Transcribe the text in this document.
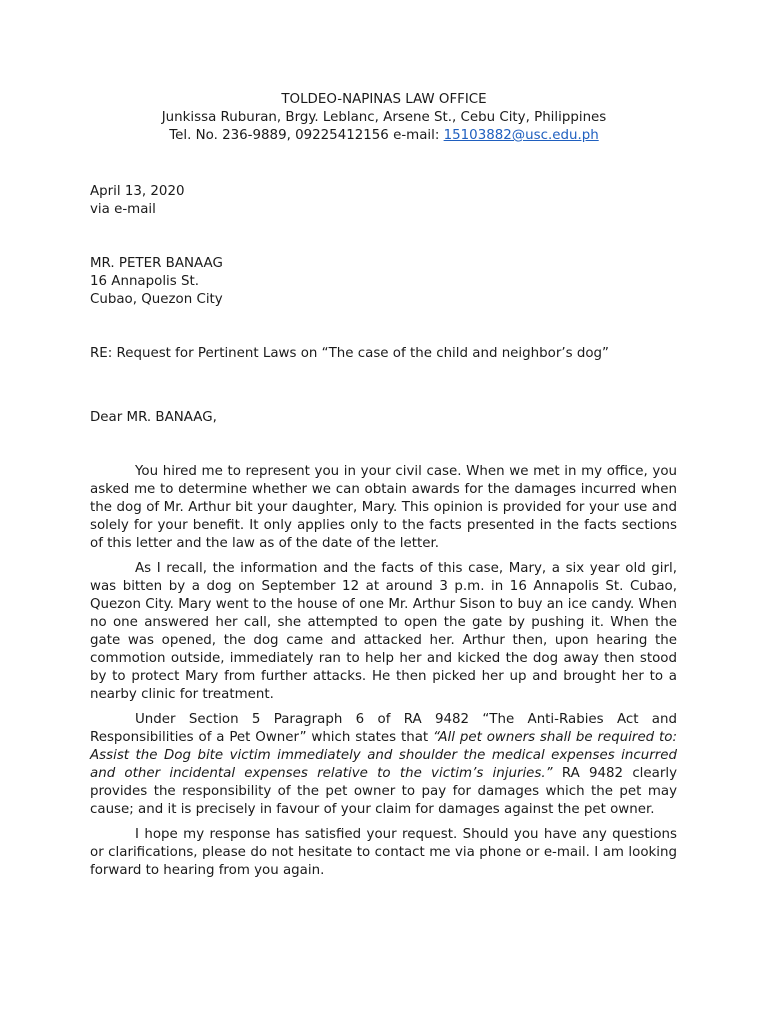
TOLDEO-NAPINAS LAW OFFICE
Junkissa Ruburan, Brgy. Leblanc, Arsene St., Cebu City, Philippines
Tel. No. 236-9889, 09225412156 e-mail: 15103882@usc.edu.ph
April 13, 2020
via e-mail
MR. PETER BANAAG
16 Annapolis St.
Cubao, Quezon City
RE: Request for Pertinent Laws on “The case of the child and neighbor’s dog”
Dear MR. BANAAG,

You hired me to represent you in your civil case. When we met in my office, you asked me to determine whether we can obtain awards for the damages incurred when the dog of Mr. Arthur bit your daughter, Mary. This opinion is provided for your use and solely for your benefit. It only applies only to the facts presented in the facts sections of this letter and the law as of the date of the letter.

As I recall, the information and the facts of this case, Mary, a six year old girl, was bitten by a dog on September 12 at around 3 p.m. in 16 Annapolis St. Cubao, Quezon City. Mary went to the house of one Mr. Arthur Sison to buy an ice candy. When no one answered her call, she attempted to open the gate by pushing it. When the gate was opened, the dog came and attacked her. Arthur then, upon hearing the commotion outside, immediately ran to help her and kicked the dog away then stood by to protect Mary from further attacks. He then picked her up and brought her to a nearby clinic for treatment.

Under Section 5 Paragraph 6 of RA 9482 “The Anti-Rabies Act and Responsibilities of a Pet Owner” which states that “All pet owners shall be required to: Assist the Dog bite victim immediately and shoulder the medical expenses incurred and other incidental expenses relative to the victim’s injuries.” RA 9482 clearly provides the responsibility of the pet owner to pay for damages which the pet may cause; and it is precisely in favour of your claim for damages against the pet owner.

I hope my response has satisfied your request. Should you have any questions or clarifications, please do not hesitate to contact me via phone or e-mail. I am looking forward to hearing from you again.
